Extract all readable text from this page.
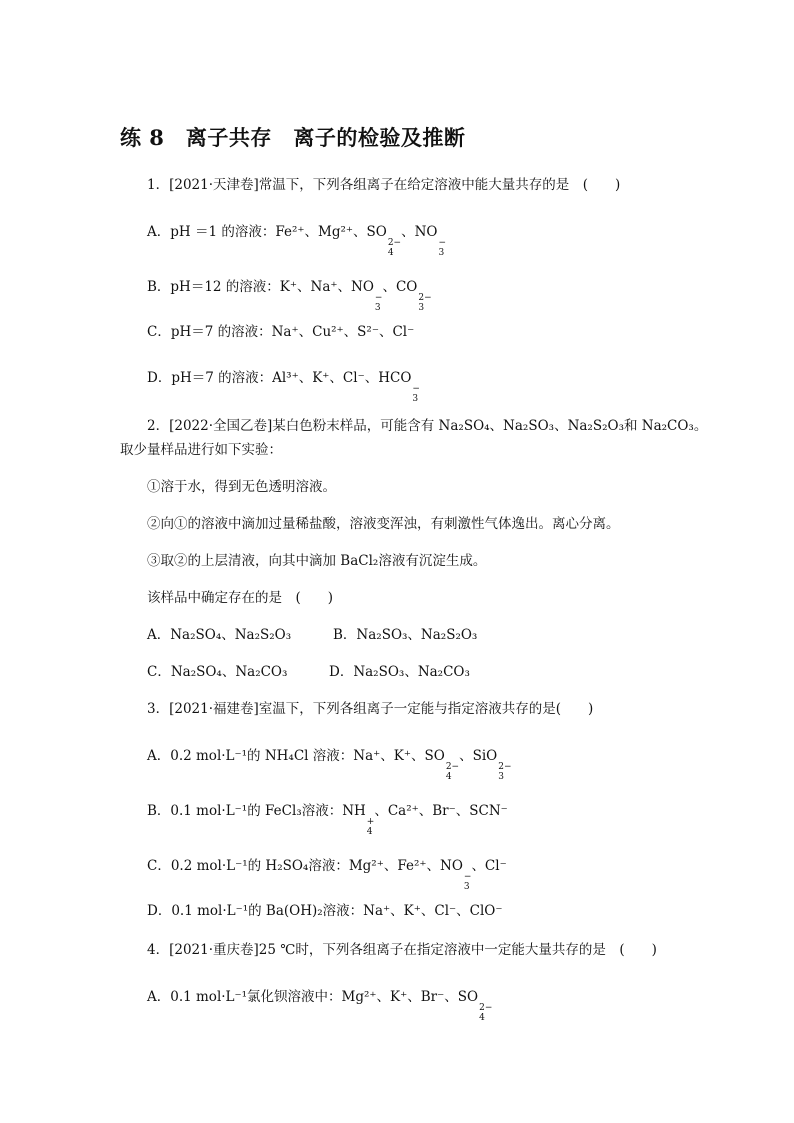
练 8　离子共存　离子的检验及推断
1．[2021·天津卷]常温下，下列各组离子在给定溶液中能大量共存的是　(　　)
A．pH ＝1 的溶液：Fe²⁺、Mg²⁺、SO
2−
4
、NO
−
3
B．pH＝12 的溶液：K⁺、Na⁺、NO
−
3
、CO
2−
3
C．pH＝7 的溶液：Na⁺、Cu²⁺、S²⁻、Cl⁻
D．pH＝7 的溶液：Al³⁺、K⁺、Cl⁻、HCO
−
3
2．[2022·全国乙卷]某白色粉末样品，可能含有 Na₂SO₄、Na₂SO₃、Na₂S₂O₃和 Na₂CO₃。
取少量样品进行如下实验：
①溶于水，得到无色透明溶液。
②向①的溶液中滴加过量稀盐酸，溶液变浑浊，有刺激性气体逸出。离心分离。
③取②的上层清液，向其中滴加 BaCl₂溶液有沉淀生成。
该样品中确定存在的是　(　　)
A．Na₂SO₄、Na₂S₂O₃	B．Na₂SO₃、Na₂S₂O₃
C．Na₂SO₄、Na₂CO₃	D．Na₂SO₃、Na₂CO₃
3．[2021·福建卷]室温下，下列各组离子一定能与指定溶液共存的是(　　)
A．0.2 mol·L⁻¹的 NH₄Cl 溶液：Na⁺、K⁺、SO
2−
4
、SiO
2−
3
B．0.1 mol·L⁻¹的 FeCl₃溶液：NH
+
4
、Ca²⁺、Br⁻、SCN⁻
C．0.2 mol·L⁻¹的 H₂SO₄溶液：Mg²⁺、Fe²⁺、NO
−
3
、Cl⁻
D．0.1 mol·L⁻¹的 Ba(OH)₂溶液：Na⁺、K⁺、Cl⁻、ClO⁻
4．[2021·重庆卷]25 ℃时，下列各组离子在指定溶液中一定能大量共存的是　(　　)
A．0.1 mol·L⁻¹氯化钡溶液中：Mg²⁺、K⁺、Br⁻、SO
2−
4
